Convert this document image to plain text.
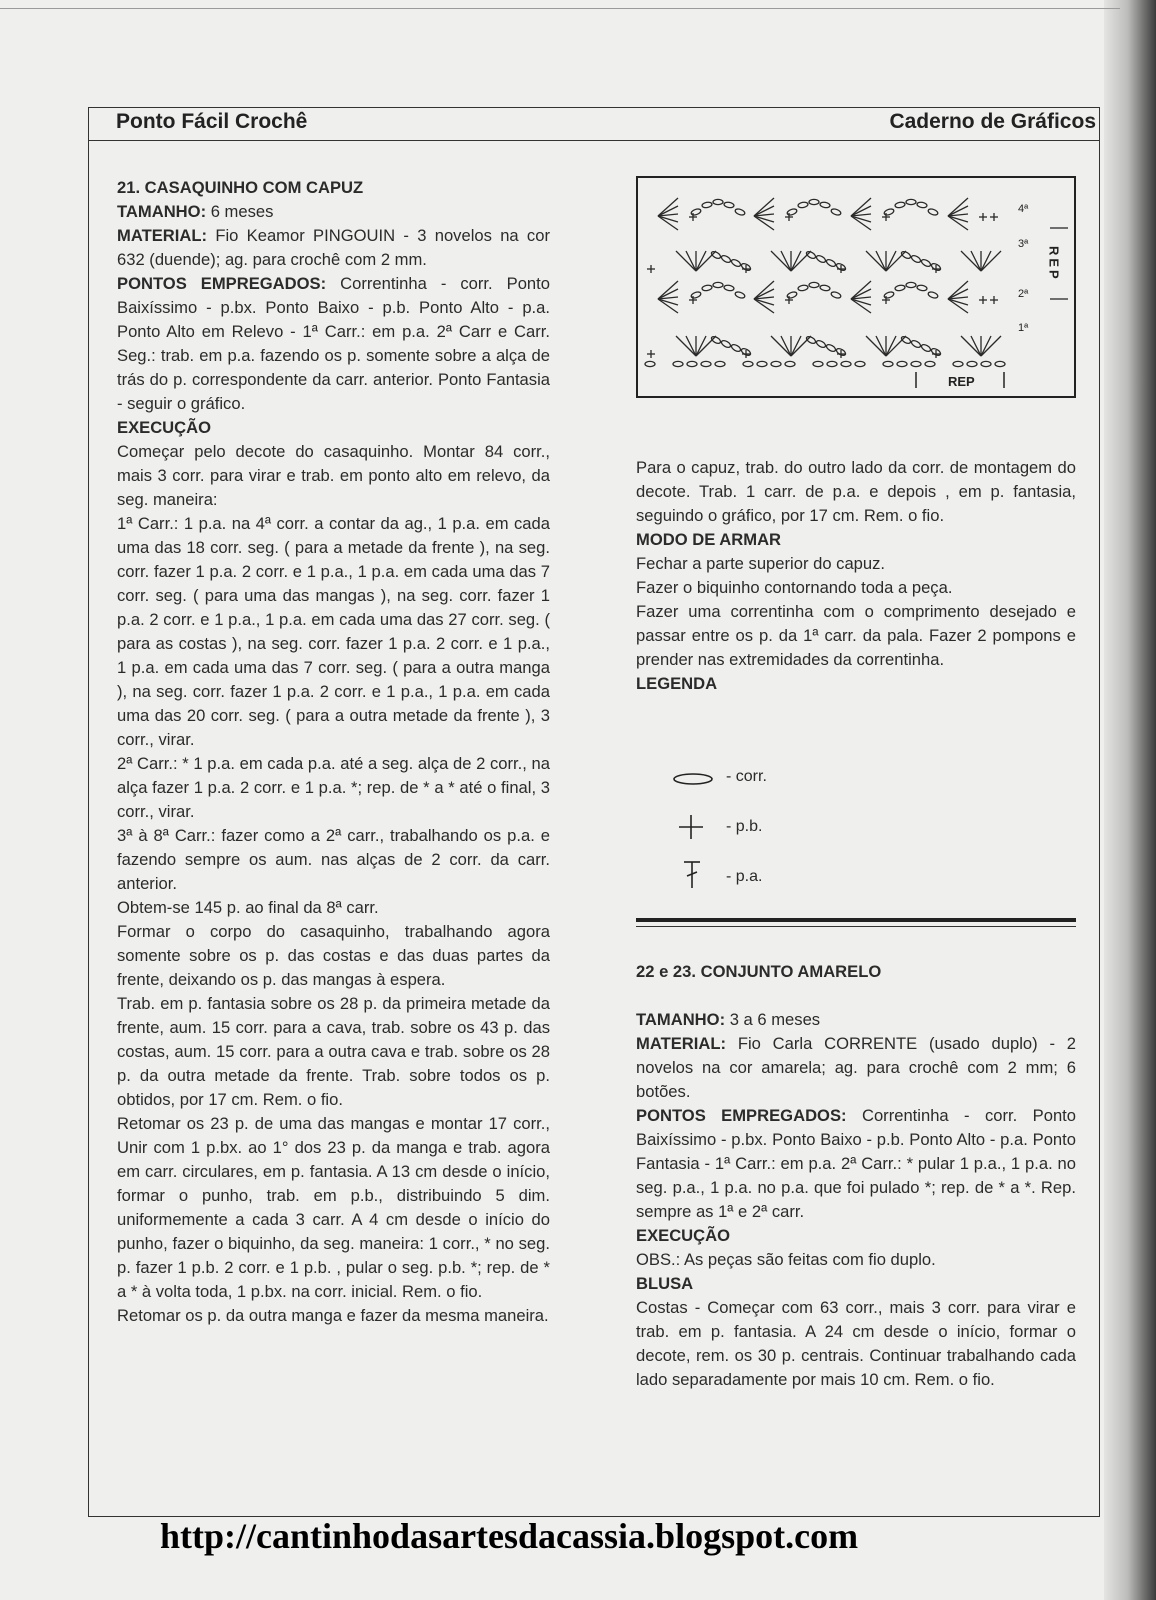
Ponto Fácil Crochê	Caderno de Gráficos

21. CASAQUINHO COM CAPUZ

TAMANHO: 6 meses

MATERIAL: Fio Keamor PINGOUIN - 3 novelos na cor 632 (duende); ag. para crochê com 2 mm.

PONTOS EMPREGADOS: Correntinha - corr. Ponto Baixíssimo - p.bx. Ponto Baixo - p.b. Ponto Alto - p.a. Ponto Alto em Relevo - 1ª Carr.: em p.a. 2ª Carr e Carr. Seg.: trab. em p.a. fazendo os p. somente sobre a alça de trás do p. correspondente da carr. anterior. Ponto Fantasia - seguir o gráfico.

EXECUÇÃO

Começar pelo decote do casaquinho. Montar 84 corr., mais 3 corr. para virar e trab. em ponto alto em relevo, da seg. maneira:

1ª Carr.: 1 p.a. na 4ª corr. a contar da ag., 1 p.a. em cada uma das 18 corr. seg. ( para a metade da frente ), na seg. corr. fazer 1 p.a. 2 corr. e 1 p.a., 1 p.a. em cada uma das 7 corr. seg. ( para uma das mangas ), na seg. corr. fazer 1 p.a. 2 corr. e 1 p.a., 1 p.a. em cada uma das 27 corr. seg. ( para as costas ), na seg. corr. fazer 1 p.a. 2 corr. e 1 p.a., 1 p.a. em cada uma das 7 corr. seg. ( para a outra manga ), na seg. corr. fazer 1 p.a. 2 corr. e 1 p.a., 1 p.a. em cada uma das 20 corr. seg. ( para a outra metade da frente ), 3 corr., virar.

2ª Carr.: * 1 p.a. em cada p.a. até a seg. alça de 2 corr., na alça fazer 1 p.a. 2 corr. e 1 p.a. *; rep. de * a * até o final, 3 corr., virar.

3ª à 8ª Carr.: fazer como a 2ª carr., trabalhando os p.a. e fazendo sempre os aum. nas alças de 2 corr. da carr. anterior.

Obtem-se 145 p. ao final da 8ª carr.

Formar o corpo do casaquinho, trabalhando agora somente sobre os p. das costas e das duas partes da frente, deixando os p. das mangas à espera.

Trab. em p. fantasia sobre os 28 p. da primeira metade da frente, aum. 15 corr. para a cava, trab. sobre os 43 p. das costas, aum. 15 corr. para a outra cava e trab. sobre os 28 p. da outra metade da frente. Trab. sobre todos os p. obtidos, por 17 cm. Rem. o fio.

Retomar os 23 p. de uma das mangas e montar 17 corr., Unir com 1 p.bx. ao 1° dos 23 p. da manga e trab. agora em carr. circulares, em p. fantasia. A 13 cm desde o início, formar o punho, trab. em p.b., distribuindo 5 dim. uniformemente a cada 3 carr. A 4 cm desde o início do punho, fazer o biquinho, da seg. maneira: 1 corr., * no seg. p. fazer 1 p.b. 2 corr. e 1 p.b. , pular o seg. p.b. *; rep. de * a * à volta toda, 1 p.bx. na corr. inicial. Rem. o fio.

Retomar os p. da outra manga e fazer da mesma maneira.

4ª
3ª
2ª
1ª
REP
REP

Para o capuz, trab. do outro lado da corr. de montagem do decote. Trab. 1 carr. de p.a. e depois , em p. fantasia, seguindo o gráfico, por 17 cm. Rem. o fio.

MODO DE ARMAR

Fechar a parte superior do capuz.

Fazer o biquinho contornando toda a peça.

Fazer uma correntinha com o comprimento desejado e passar entre os p. da 1ª carr. da pala. Fazer 2 pompons e prender nas extremidades da correntinha.

LEGENDA

- corr.
- p.b.
- p.a.

22 e 23. CONJUNTO AMARELO

TAMANHO: 3 a 6 meses

MATERIAL: Fio Carla CORRENTE (usado duplo) - 2 novelos na cor amarela; ag. para crochê com 2 mm; 6 botões.

PONTOS EMPREGADOS: Correntinha - corr. Ponto Baixíssimo - p.bx. Ponto Baixo - p.b. Ponto Alto - p.a. Ponto Fantasia - 1ª Carr.: em p.a. 2ª Carr.: * pular 1 p.a., 1 p.a. no seg. p.a., 1 p.a. no p.a. que foi pulado *; rep. de * a *. Rep. sempre as 1ª e 2ª carr.

EXECUÇÃO

OBS.: As peças são feitas com fio duplo.

BLUSA

Costas - Começar com 63 corr., mais 3 corr. para virar e trab. em p. fantasia. A 24 cm desde o início, formar o decote, rem. os 30 p. centrais. Continuar trabalhando cada lado separadamente por mais 10 cm. Rem. o fio.

http://cantinhodasartesdacassia.blogspot.com
